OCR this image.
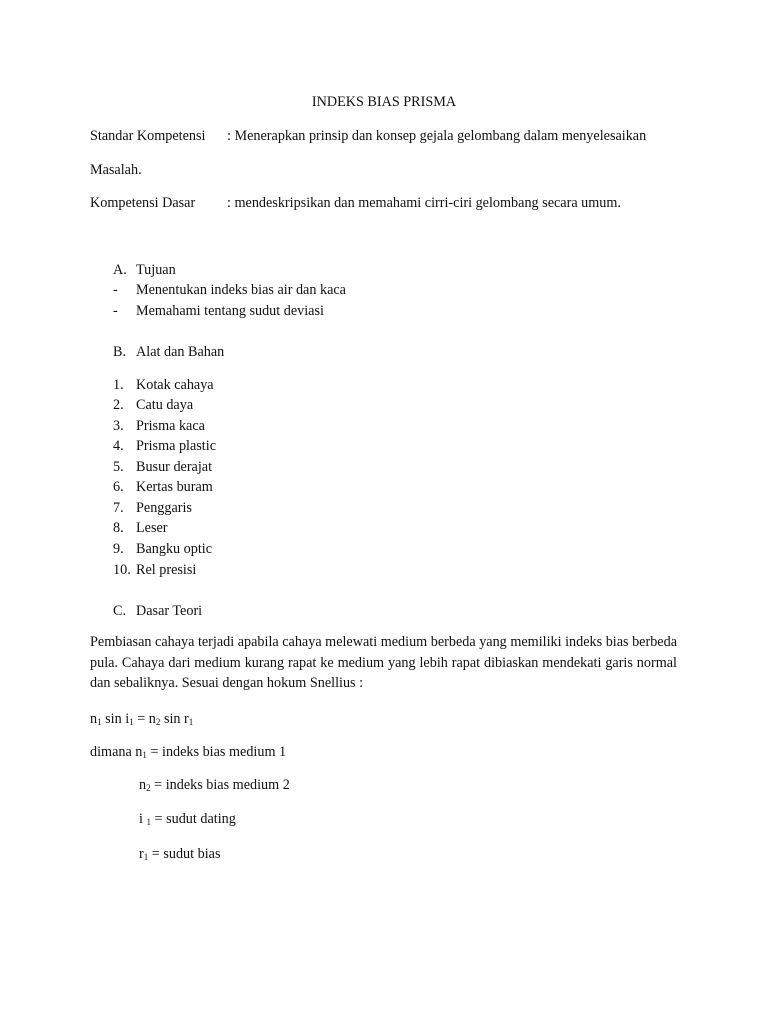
INDEKS BIAS PRISMA
Standar Kompetensi : Menerapkan prinsip dan konsep gejala gelombang dalam menyelesaikan
Masalah.
Kompetensi Dasar : mendeskripsikan dan memahami cirri-ciri gelombang secara umum.
A. Tujuan
- Menentukan indeks bias air dan kaca
- Memahami tentang sudut deviasi
B. Alat dan Bahan
1. Kotak cahaya
2. Catu daya
3. Prisma kaca
4. Prisma plastic
5. Busur derajat
6. Kertas buram
7. Penggaris
8. Leser
9. Bangku optic
10. Rel presisi
C. Dasar Teori
Pembiasan cahaya terjadi apabila cahaya melewati medium berbeda yang memiliki indeks bias berbeda pula. Cahaya dari medium kurang rapat ke medium yang lebih rapat dibiaskan mendekati garis normal dan sebaliknya. Sesuai dengan hokum Snellius :
$n_1$ $\sin i_1 = n_2$ $\sin r_1$
dimana $n_1$ = indeks bias medium 1
$n_2$ = indeks bias medium 2
i $_1$ = sudut dating
$r_1$ = sudut bias
